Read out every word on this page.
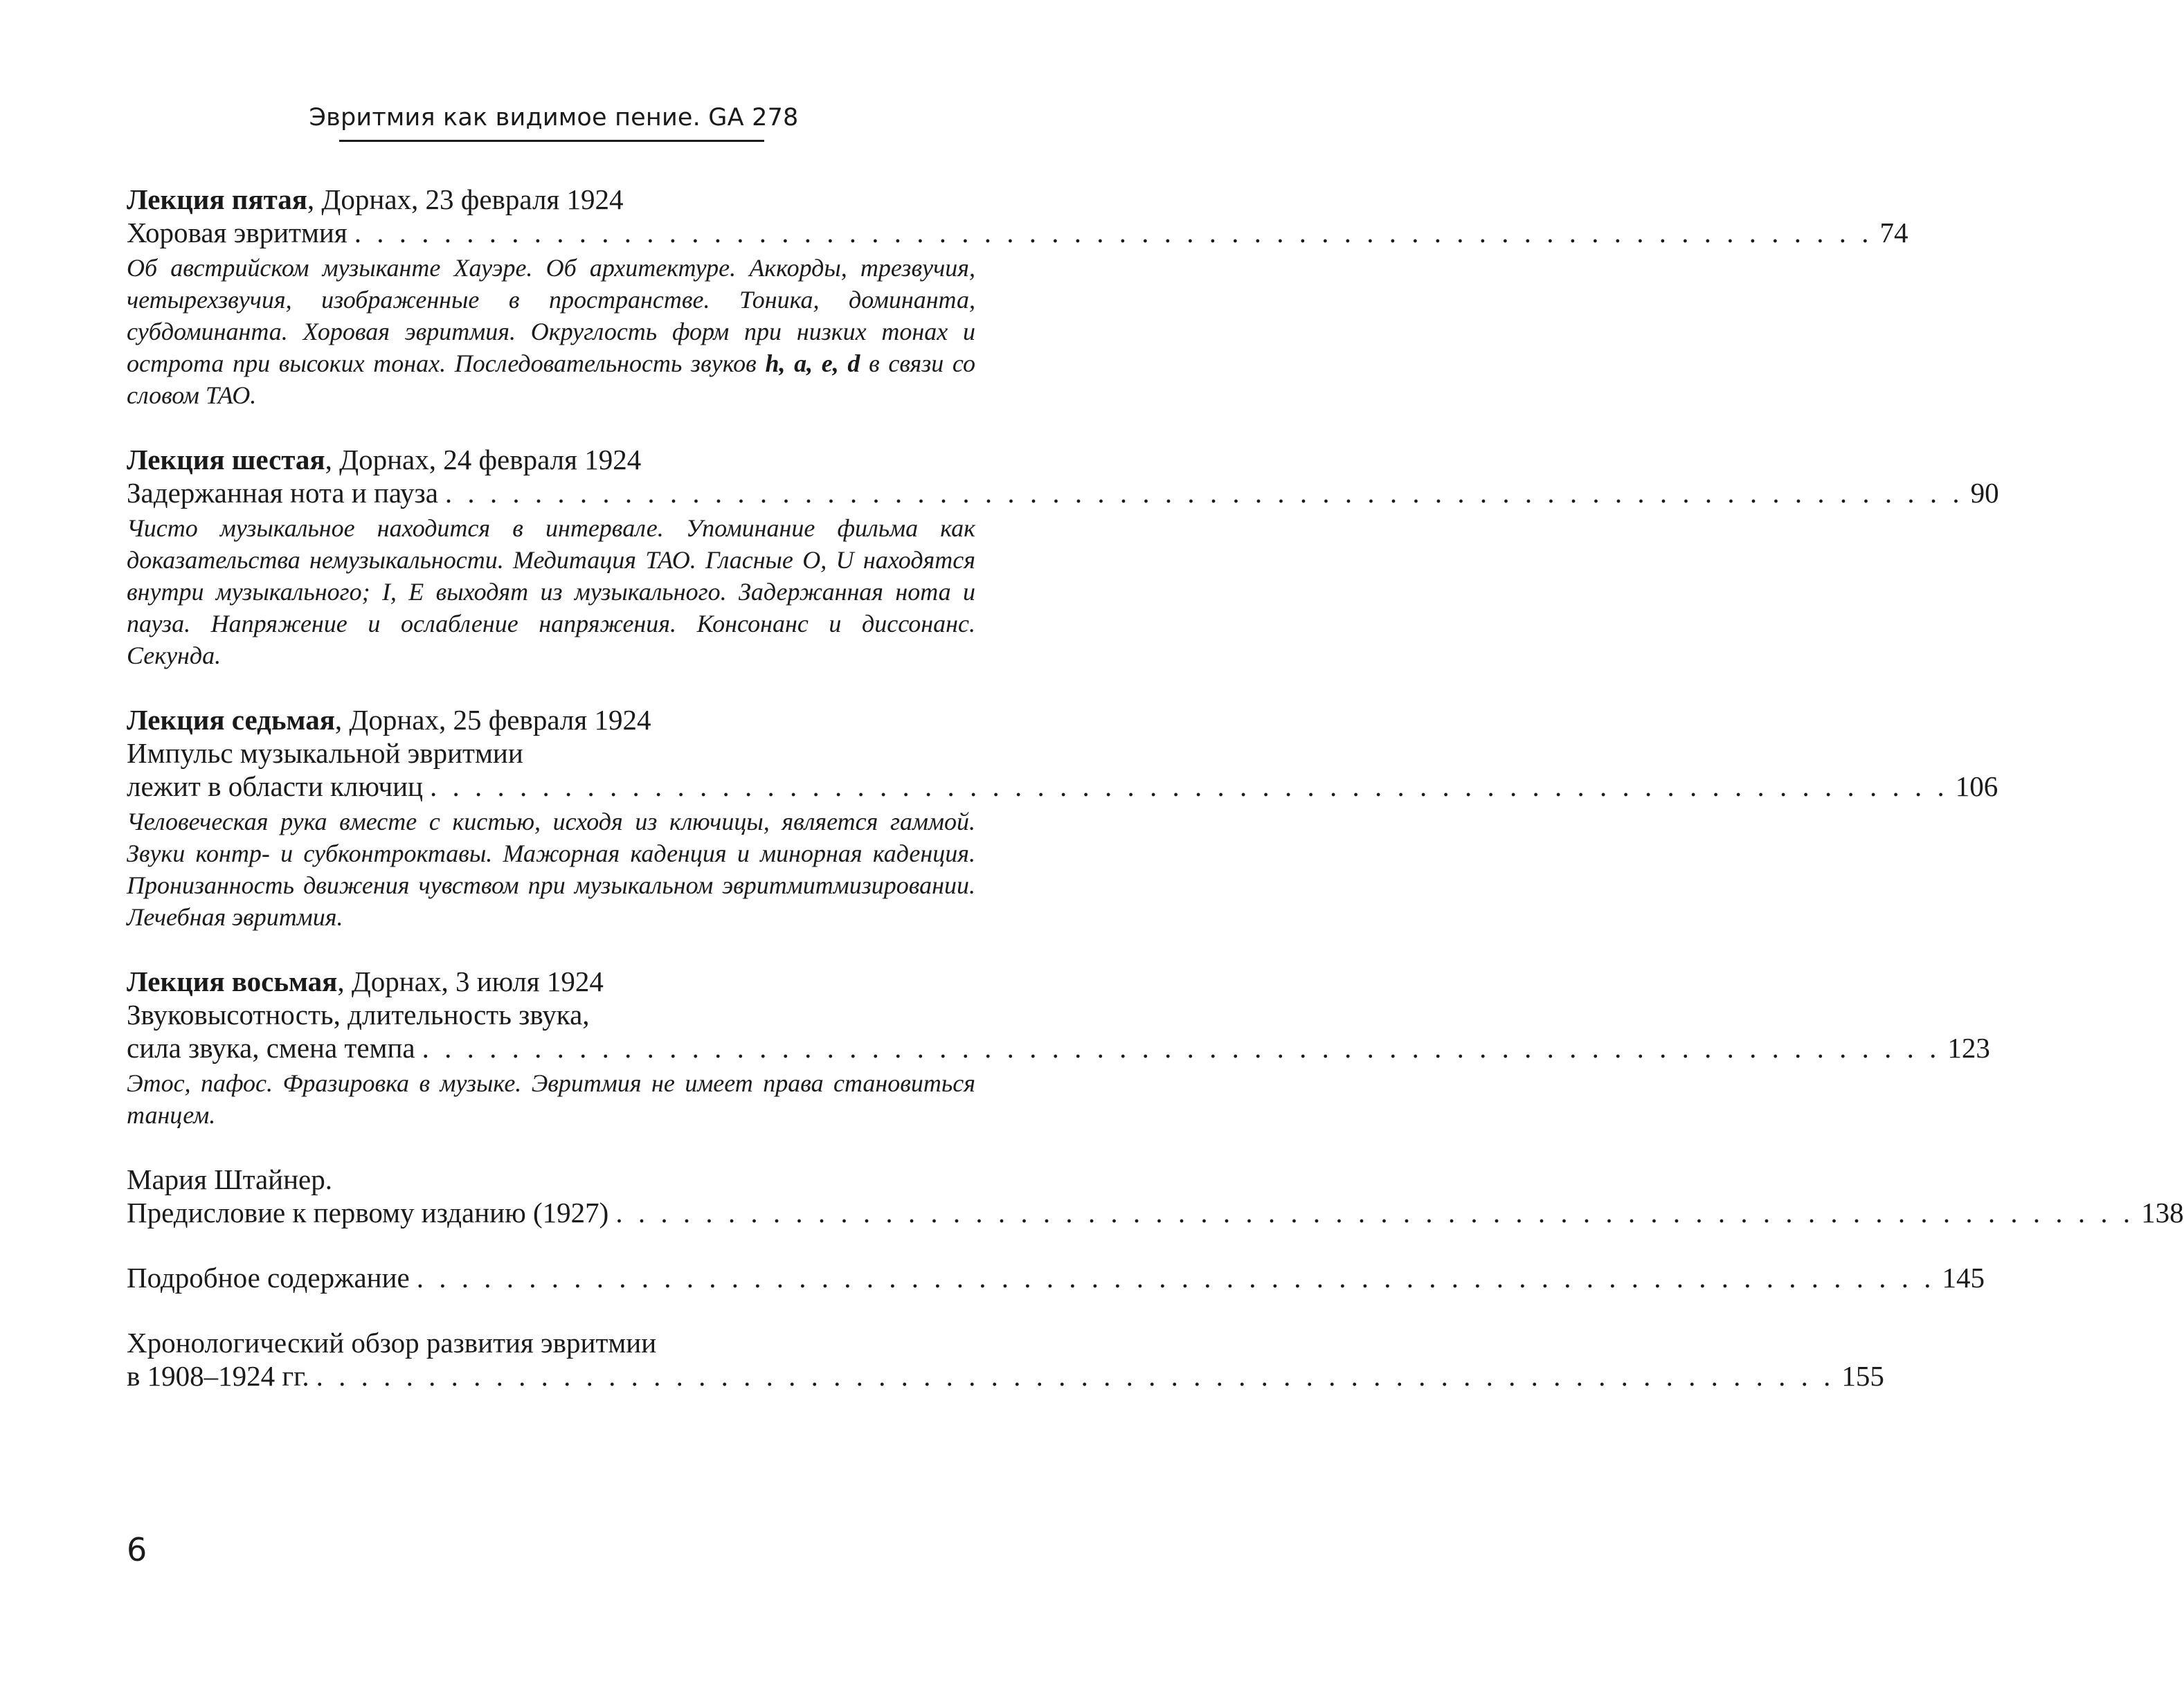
Эвритмия как видимое пение. GA 278

Лекция пятая, Дорнах, 23 февраля 1924

Хоровая эвритмия . . . . . . . . . . . . . . . . . . . . . . . . . . . . . . . . . . . . . . . . . . . . . . . . . . . . . . . . . . . . . . . . . . . . 74

Об австрийском музыканте Хауэре. Об архитектуре. Аккорды, трезвучия, четырехзвучия, изображенные в пространстве. Тоника, доминанта, субдоминанта. Хоровая эвритмия. Округлость форм при низких тонах и острота при высоких тонах. Последовательность звуков h, a, e, d в связи со словом ТАО.

Лекция шестая, Дорнах, 24 февраля 1924

Задержанная нота и пауза . . . . . . . . . . . . . . . . . . . . . . . . . . . . . . . . . . . . . . . . . . . . . . . . . . . . . . . . . . . . . . . . . . . . 90

Чисто музыкальное находится в интервале. Упоминание фильма как доказательства немузыкальности. Медитация ТАО. Гласные O, U находятся внутри музыкального; I, E выходят из музыкального. Задержанная нота и пауза. Напряжение и ослабление напряжения. Консонанс и диссонанс. Секунда.

Лекция седьмая, Дорнах, 25 февраля 1924

Импульс музыкальной эвритмии
лежит в области ключиц . . . . . . . . . . . . . . . . . . . . . . . . . . . . . . . . . . . . . . . . . . . . . . . . . . . . . . . . . . . . . . . . . . . . 106

Человеческая рука вместе с кистью, исходя из ключицы, является гаммой. Звуки контр- и субконтроктавы. Мажорная каденция и минорная каденция. Пронизанность движения чувством при музыкальном эвритмитмизировании. Лечебная эвритмия.

Лекция восьмая, Дорнах, 3 июля 1924

Звуковысотность, длительность звука,
сила звука, смена темпа . . . . . . . . . . . . . . . . . . . . . . . . . . . . . . . . . . . . . . . . . . . . . . . . . . . . . . . . . . . . . . . . . . . . 123

Этос, пафос. Фразировка в музыке. Эвритмия не имеет права становиться танцем.

Мария Штайнер.
Предисловие к первому изданию (1927) . . . . . . . . . . . . . . . . . . . . . . . . . . . . . . . . . . . . . . . . . . . . . . . . . . . . . . . . . . . . . . . . . . . . 138
Подробное содержание . . . . . . . . . . . . . . . . . . . . . . . . . . . . . . . . . . . . . . . . . . . . . . . . . . . . . . . . . . . . . . . . . . . . 145
Хронологический обзор развития эвритмии
в 1908–1924 гг. . . . . . . . . . . . . . . . . . . . . . . . . . . . . . . . . . . . . . . . . . . . . . . . . . . . . . . . . . . . . . . . . . . . . 155
6
